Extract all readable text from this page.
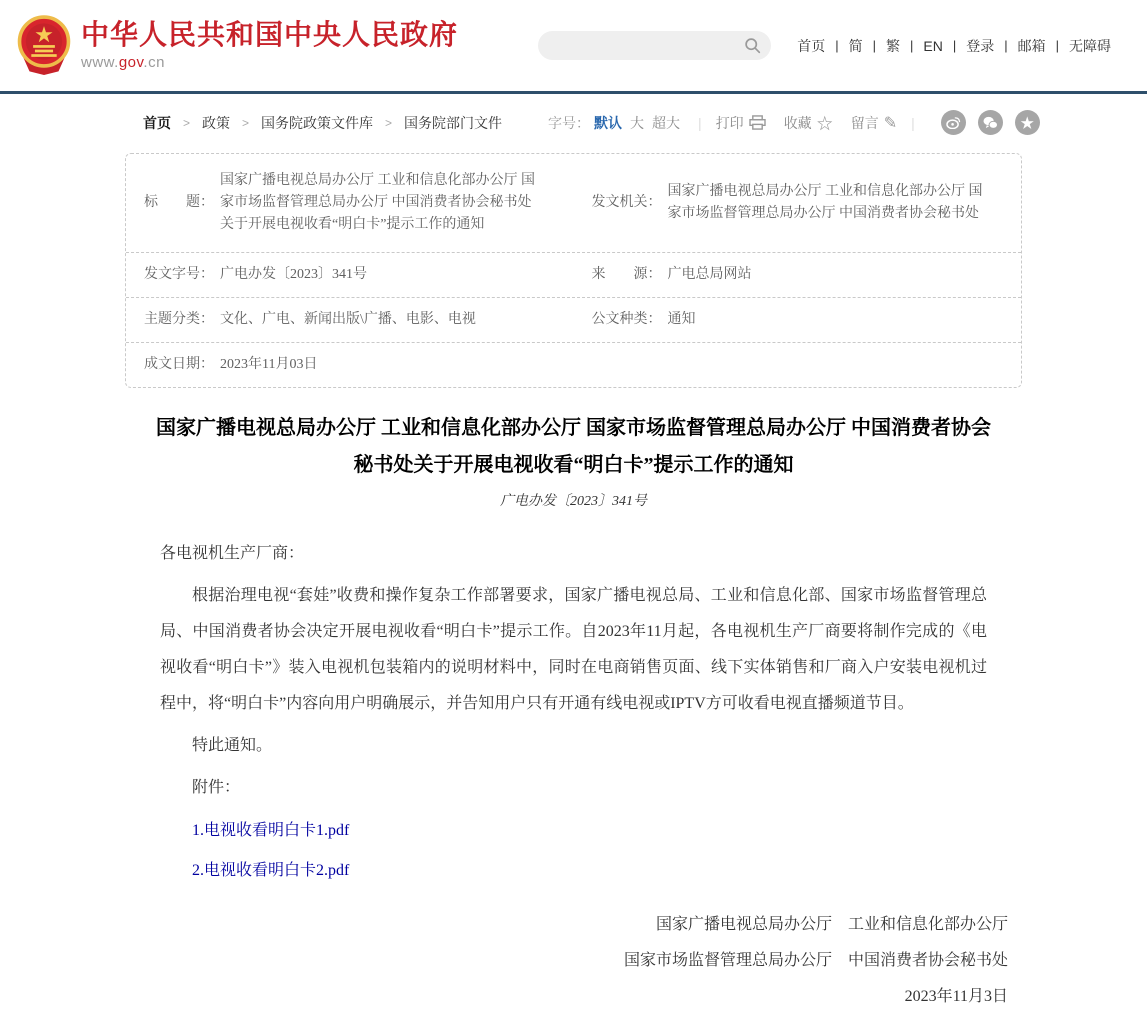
中华人民共和国中央人民政府
www.gov.cn
首页 | 简 | 繁 | EN | 登录 | 邮箱 | 无障碍
首页 > 政策 > 国务院政策文件库 > 国务院部门文件	字号： 默认 大 超大 | 打印	收藏 ☆ 留言 ✎ |	★
标　　题：
国家广播电视总局办公厅 工业和信息化部办公厅 国家市场监督管理总局办公厅 中国消费者协会秘书处关于开展电视收看“明白卡”提示工作的通知
发文机关：
国家广播电视总局办公厅 工业和信息化部办公厅 国家市场监督管理总局办公厅 中国消费者协会秘书处
发文字号： 广电办发〔2023〕341号	来　　源： 广电总局网站
主题分类： 文化、广电、新闻出版\广播、电影、电视	公文种类： 通知
成文日期： 2023年11月03日
国家广播电视总局办公厅 工业和信息化部办公厅 国家市场监督管理总局办公厅 中国消费者协会秘书处关于开展电视收看“明白卡”提示工作的通知
广电办发〔2023〕341号

各电视机生产厂商：

根据治理电视“套娃”收费和操作复杂工作部署要求，国家广播电视总局、工业和信息化部、国家市场监督管理总局、中国消费者协会决定开展电视收看“明白卡”提示工作。自2023年11月起，各电视机生产厂商要将制作完成的《电视收看“明白卡”》装入电视机包装箱内的说明材料中，同时在电商销售页面、线下实体销售和厂商入户安装电视机过程中，将“明白卡”内容向用户明确展示，并告知用户只有开通有线电视或IPTV方可收看电视直播频道节目。

特此通知。

附件：

1.电视收看明白卡1.pdf
2.电视收看明白卡2.pdf
国家广播电视总局办公厅　工业和信息化部办公厅
国家市场监督管理总局办公厅　中国消费者协会秘书处
2023年11月3日
